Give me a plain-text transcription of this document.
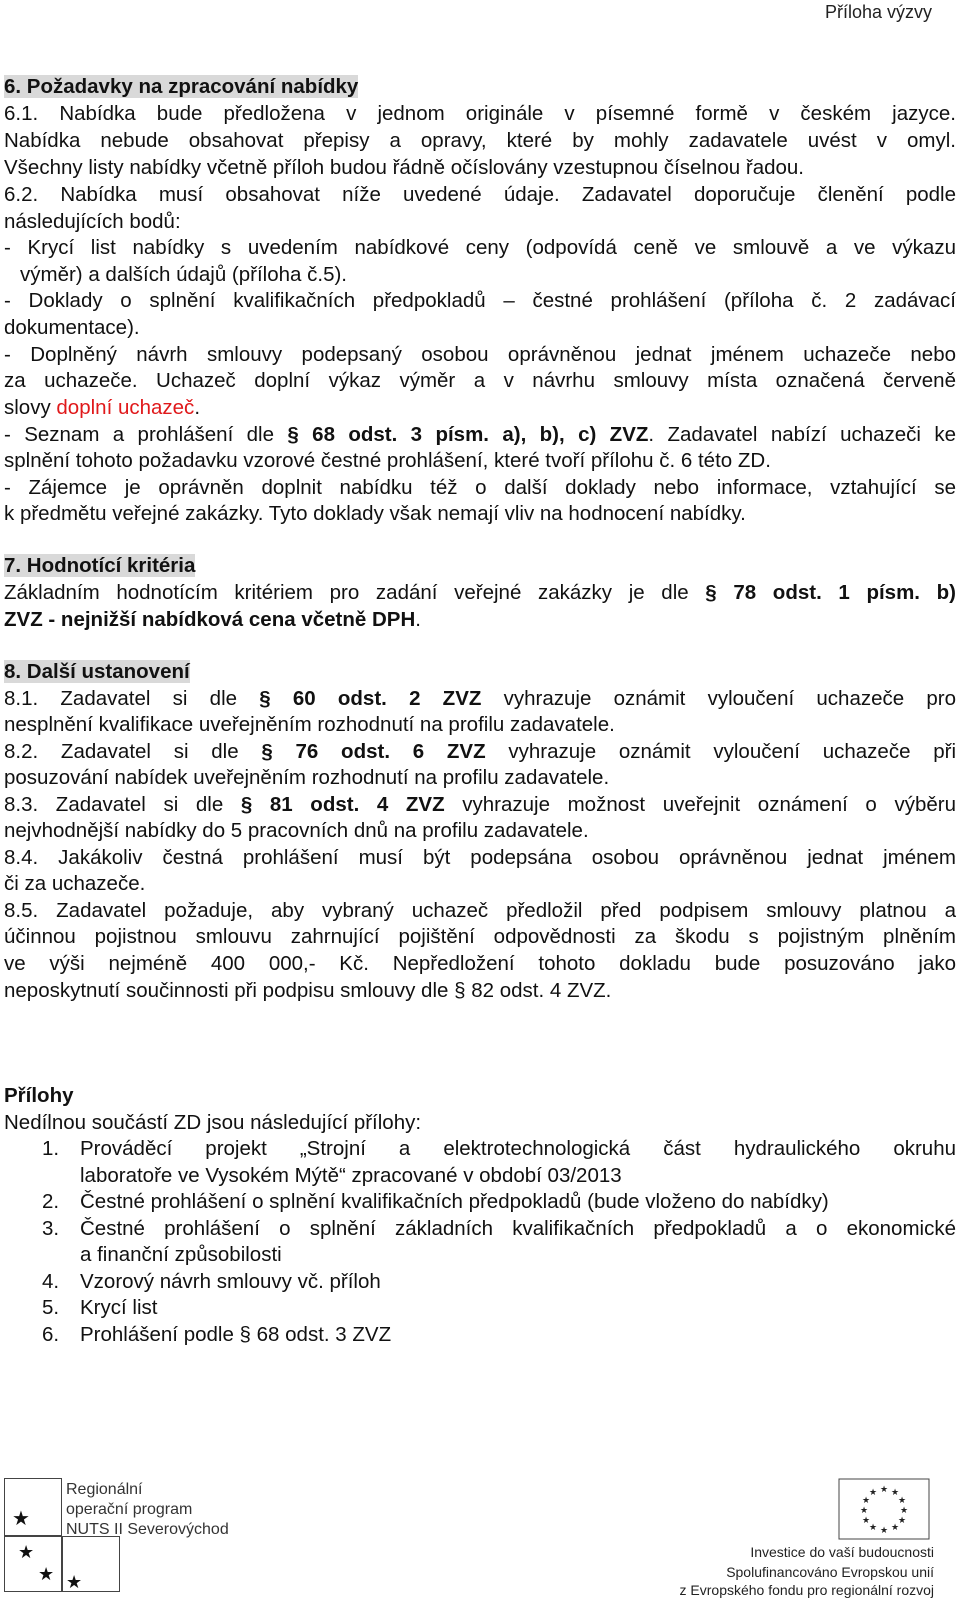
Příloha výzvy
6. Požadavky na zpracování nabídky
6.1. Nabídka bude předložena v jednom originále v písemné formě v českém jazyce.
Nabídka nebude obsahovat přepisy a opravy, které by mohly zadavatele uvést v omyl.
Všechny listy nabídky včetně příloh budou řádně očíslovány vzestupnou číselnou řadou.
6.2. Nabídka musí obsahovat níže uvedené údaje. Zadavatel doporučuje členění podle
následujících bodů:
- Krycí list nabídky s uvedením nabídkové ceny (odpovídá ceně ve smlouvě a ve výkazu
výměr) a dalších údajů (příloha č.5).
- Doklady o splnění kvalifikačních předpokladů – čestné prohlášení (příloha č. 2 zadávací
dokumentace).
- Doplněný návrh smlouvy podepsaný osobou oprávněnou jednat jménem uchazeče nebo
za uchazeče. Uchazeč doplní výkaz výměr a v návrhu smlouvy místa označená červeně
slovy doplní uchazeč.
- Seznam a prohlášení dle § 68 odst. 3 písm. a), b), c) ZVZ. Zadavatel nabízí uchazeči ke
splnění tohoto požadavku vzorové čestné prohlášení, které tvoří přílohu č. 6 této ZD.
- Zájemce je oprávněn doplnit nabídku též o další doklady nebo informace, vztahující se
k předmětu veřejné zakázky. Tyto doklady však nemají vliv na hodnocení nabídky.
7. Hodnotící kritéria
Základním hodnotícím kritériem pro zadání veřejné zakázky je dle § 78 odst. 1 písm. b)
ZVZ - nejnižší nabídková cena včetně DPH.
8. Další ustanovení
8.1. Zadavatel si dle § 60 odst. 2 ZVZ vyhrazuje oznámit vyloučení uchazeče pro
nesplnění kvalifikace uveřejněním rozhodnutí na profilu zadavatele.
8.2. Zadavatel si dle § 76 odst. 6 ZVZ vyhrazuje oznámit vyloučení uchazeče při
posuzování nabídek uveřejněním rozhodnutí na profilu zadavatele.
8.3. Zadavatel si dle § 81 odst. 4 ZVZ vyhrazuje možnost uveřejnit oznámení o výběru
nejvhodnější nabídky do 5 pracovních dnů na profilu zadavatele.
8.4. Jakákoliv čestná prohlášení musí být podepsána osobou oprávněnou jednat jménem
či za uchazeče.
8.5. Zadavatel požaduje, aby vybraný uchazeč předložil před podpisem smlouvy platnou a
účinnou pojistnou smlouvu zahrnující pojištění odpovědnosti za škodu s pojistným plněním
ve výši nejméně 400 000,- Kč. Nepředložení tohoto dokladu bude posuzováno jako
neposkytnutí součinnosti při podpisu smlouvy dle § 82 odst. 4 ZVZ.
Přílohy
Nedílnou součástí ZD jsou následující přílohy:
1. Prováděcí projekt „Strojní a elektrotechnologická část hydraulického okruhu
laboratoře ve Vysokém Mýtě“ zpracované v období 03/2013
2. Čestné prohlášení o splnění kvalifikačních předpokladů (bude vloženo do nabídky)
3. Čestné prohlášení o splnění základních kvalifikačních předpokladů a o ekonomické
a finanční způsobilosti
4. Vzorový návrh smlouvy vč. příloh
5. Krycí list
6. Prohlášení podle § 68 odst. 3 ZVZ
★
★
★ ★
Regionální
operační program
NUTS II Severovýchod
★ ★
★
★
★
★
★
★
★
★
★
★
Investice do vaší budoucnosti
Spolufinancováno Evropskou unií
z Evropského fondu pro regionální rozvoj
